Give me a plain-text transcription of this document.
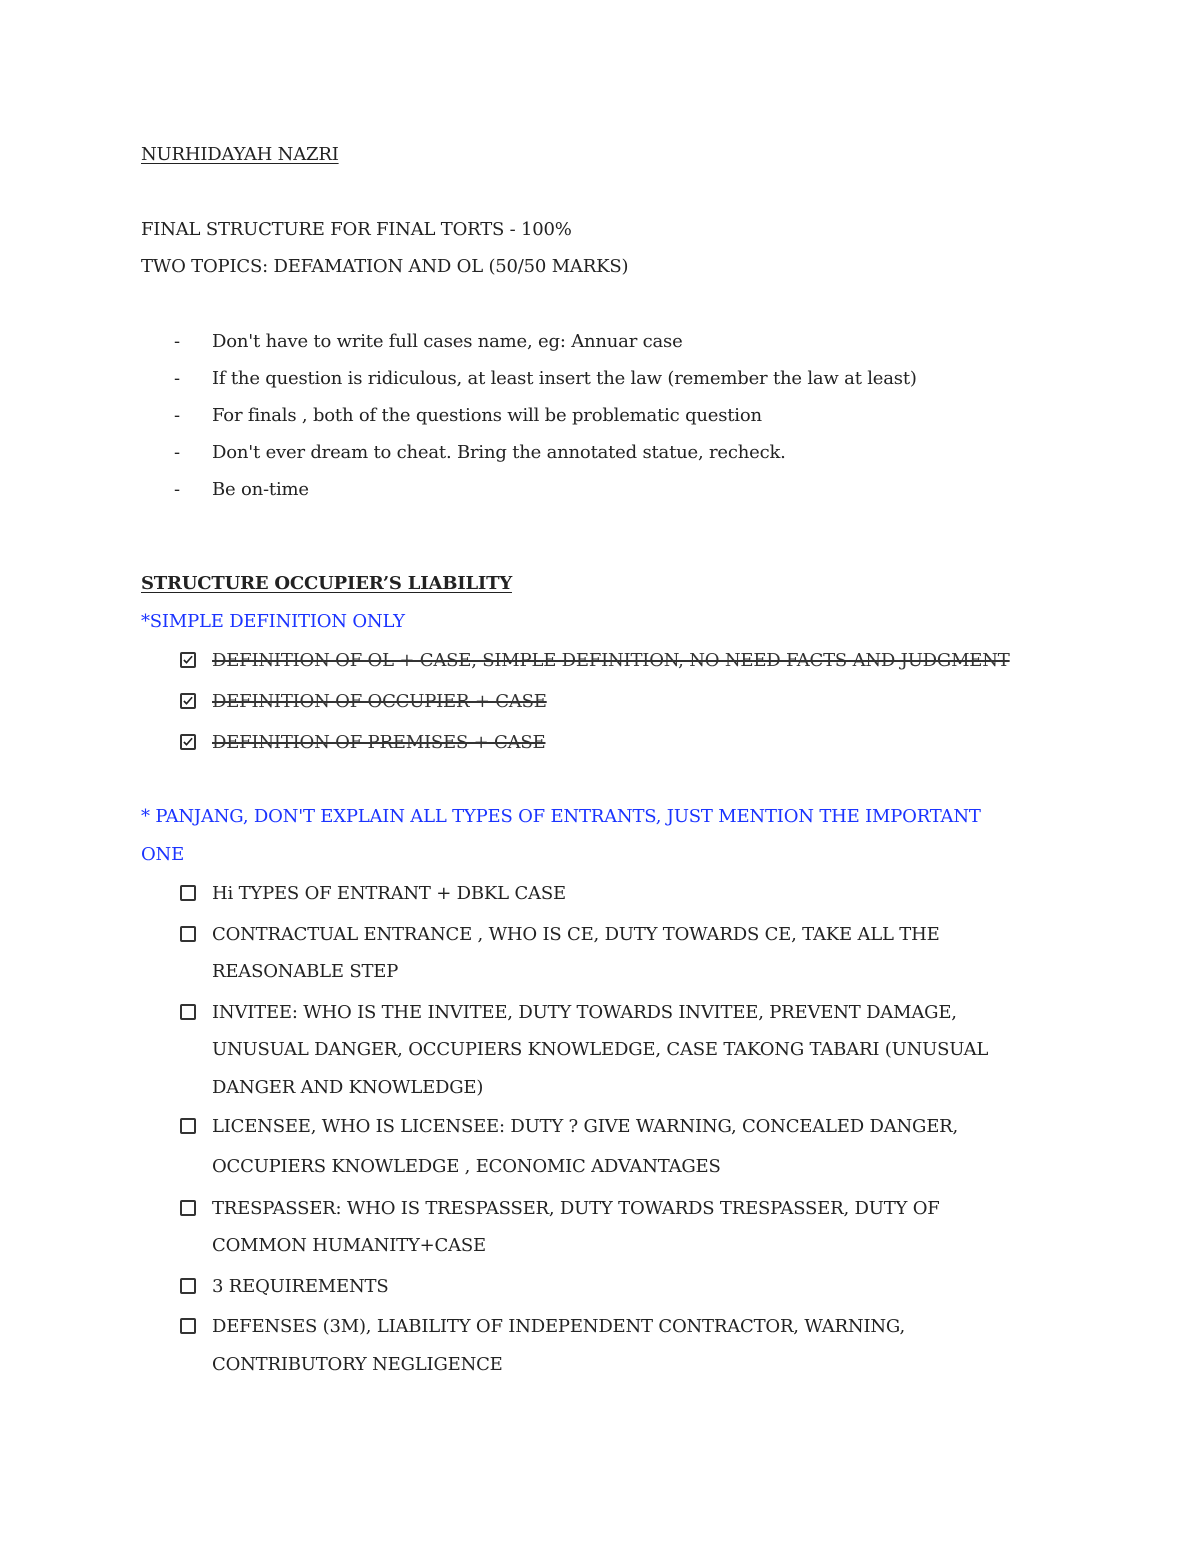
NURHIDAYAH NAZRI
FINAL STRUCTURE FOR FINAL TORTS - 100%
TWO TOPICS: DEFAMATION AND OL (50/50 MARKS)
- Don't have to write full cases name, eg: Annuar case
- If the question is ridiculous, at least insert the law (remember the law at least)
- For finals , both of the questions will be problematic question
- Don't ever dream to cheat. Bring the annotated statue, recheck.
- Be on-time
STRUCTURE OCCUPIER’S LIABILITY
*SIMPLE DEFINITION ONLY
DEFINITION OF OL + CASE, SIMPLE DEFINITION, NO NEED FACTS AND JUDGMENT
DEFINITION OF OCCUPIER + CASE
DEFINITION OF PREMISES + CASE
* PANJANG, DON'T EXPLAIN ALL TYPES OF ENTRANTS, JUST MENTION THE IMPORTANT
ONE
Hi TYPES OF ENTRANT + DBKL CASE
CONTRACTUAL ENTRANCE , WHO IS CE, DUTY TOWARDS CE, TAKE ALL THE
REASONABLE STEP
INVITEE: WHO IS THE INVITEE, DUTY TOWARDS INVITEE, PREVENT DAMAGE,
UNUSUAL DANGER, OCCUPIERS KNOWLEDGE, CASE TAKONG TABARI (UNUSUAL
DANGER AND KNOWLEDGE)
LICENSEE, WHO IS LICENSEE: DUTY ? GIVE WARNING, CONCEALED DANGER,
OCCUPIERS KNOWLEDGE , ECONOMIC ADVANTAGES
TRESPASSER: WHO IS TRESPASSER, DUTY TOWARDS TRESPASSER, DUTY OF
COMMON HUMANITY+CASE
3 REQUIREMENTS
DEFENSES (3M), LIABILITY OF INDEPENDENT CONTRACTOR, WARNING,
CONTRIBUTORY NEGLIGENCE
